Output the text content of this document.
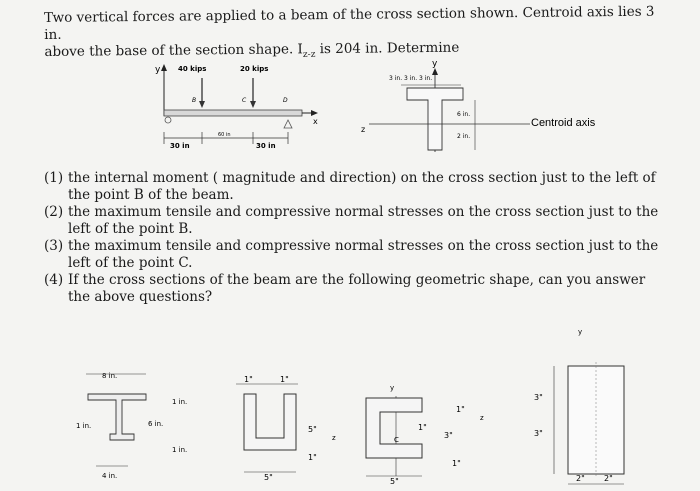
Two vertical forces are applied to a beam of the cross section shown. Centroid axis lies 3 in.
above the base of the section shape. $I_{z-z}$ is 204 in. Determine
y	40 kips	20 kips
x
B	C	D
30 in
60 in
30 in
y
3 in. 3 in. 3 in.
z
6 in.
2 in.
Centroid axis
(1) the internal moment ( magnitude and direction) on the cross section just to the left of the point B of the beam.
(2) the maximum tensile and compressive normal stresses on the cross section just to the left of the point B.
(3) the maximum tensile and compressive normal stresses on the cross section just to the left of the point C.
(4) If the cross sections of the beam are the following geometric shape, can you answer the above questions?
8 in.
1 in.
6 in.
1 in.
1 in.
4 in.
1"	1"
5"
1"
5"
z
y
1"
1"
3"
1"
C
5"
z
y
3"
3"
2" 2"
